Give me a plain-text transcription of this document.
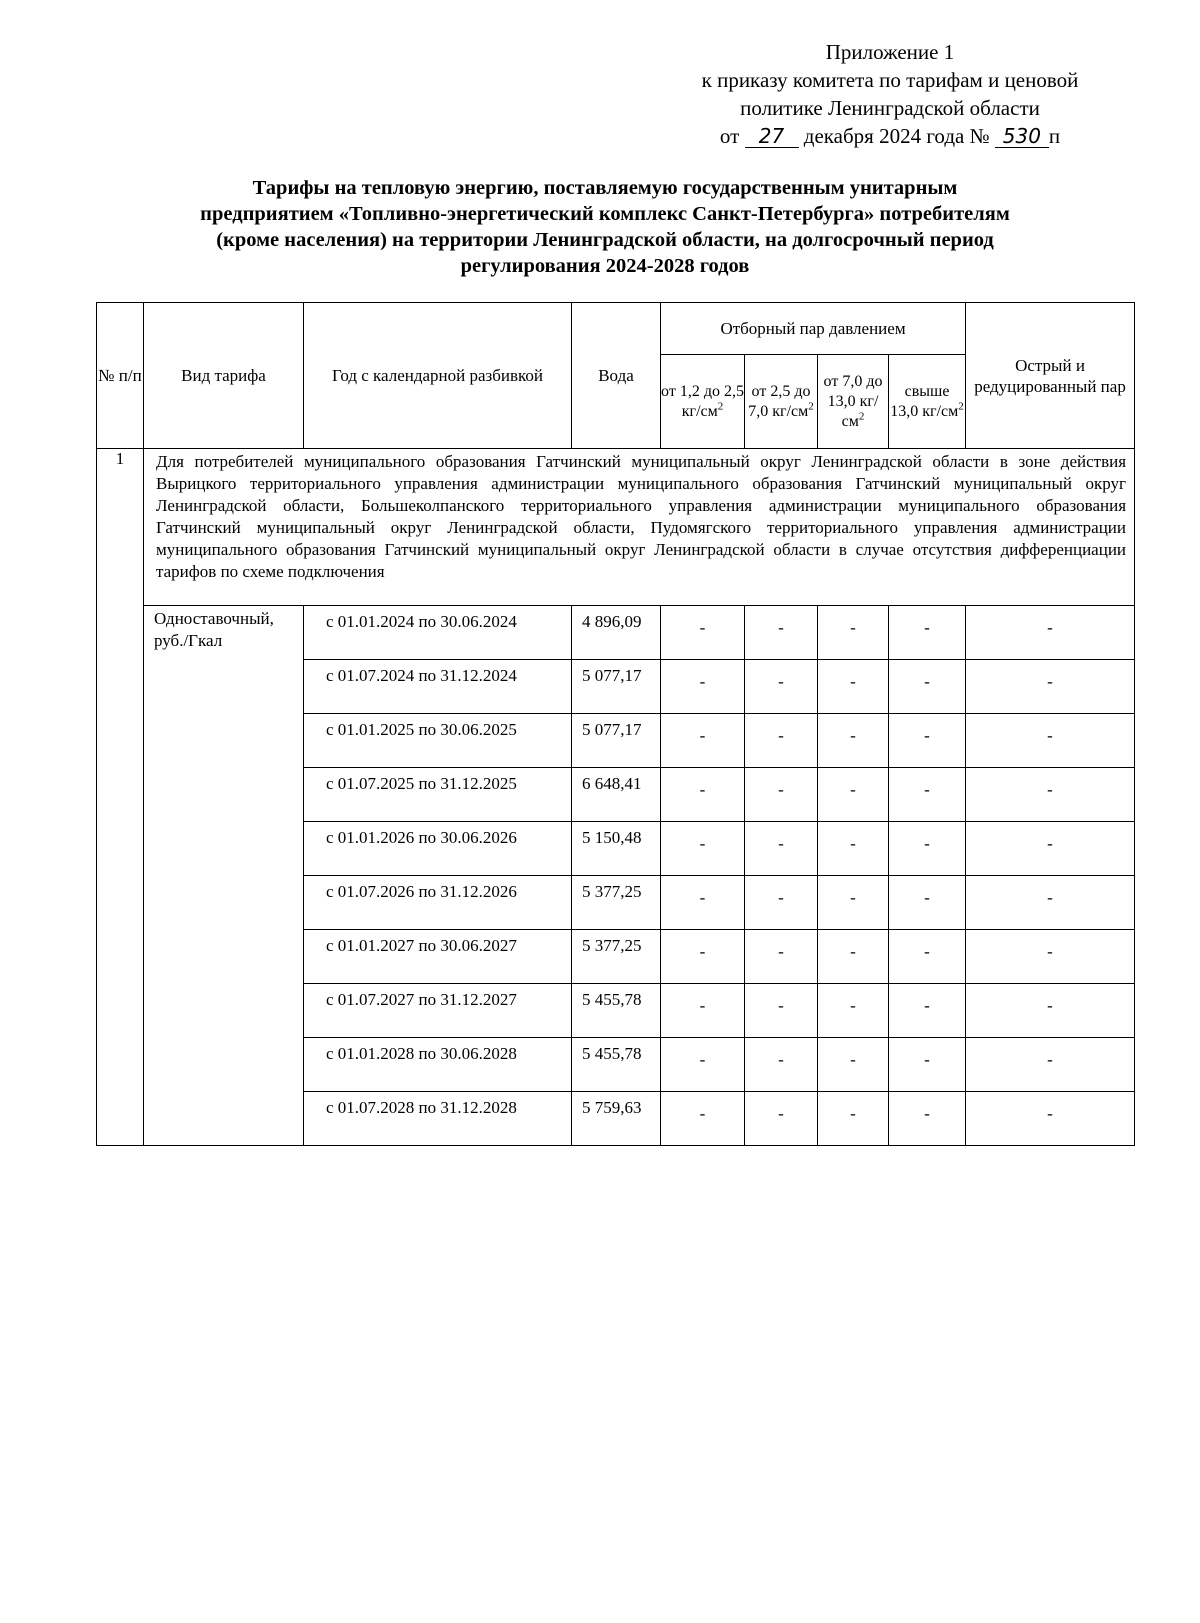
Приложение 1
к приказу комитета по тарифам и ценовой
политике Ленинградской области
от 27 декабря 2024 года № 530 п
Тарифы на тепловую энергию, поставляемую государственным унитарным
предприятием «Топливно-энергетический комплекс Санкт-Петербурга» потребителям
(кроме населения) на территории Ленинградской области, на долгосрочный период
регулирования 2024-2028 годов
№ п/п	Вид тарифа	Год с календарной разбивкой	Вода	Отборный пар давлением				Острый и редуцированный пар
				от 1,2 до 2,5 $кг/см^2$	от 2,5 до 7,0 $кг/см^2$	от 7,0 до 13,0 $кг/см^2$	свыше 13,0 $кг/см^2$
1	Для потребителей муниципального образования Гатчинский муниципальный округ Ленинградской области в зоне действия Вырицкого территориального управления администрации муниципального образования Гатчинский муниципальный округ Ленинградской области, Большеколпанского территориального управления администрации муниципального образования Гатчинский муниципальный округ Ленинградской области, Пудомягского территориального управления администрации муниципального образования Гатчинский муниципальный округ Ленинградской области в случае отсутствия дифференциации тарифов по схеме подключения							
	Одноставочный, руб./Гкал	с 01.01.2024 по 30.06.2024	4 896,09	-	-	-	-	-
		с 01.07.2024 по 31.12.2024	5 077,17	-	-	-	-	-
		с 01.01.2025 по 30.06.2025	5 077,17	-	-	-	-	-
		с 01.07.2025 по 31.12.2025	6 648,41	-	-	-	-	-
		с 01.01.2026 по 30.06.2026	5 150,48	-	-	-	-	-
		с 01.07.2026 по 31.12.2026	5 377,25	-	-	-	-	-
		с 01.01.2027 по 30.06.2027	5 377,25	-	-	-	-	-
		с 01.07.2027 по 31.12.2027	5 455,78	-	-	-	-	-
		с 01.01.2028 по 30.06.2028	5 455,78	-	-	-	-	-
		с 01.07.2028 по 31.12.2028	5 759,63	-	-	-	-	-
